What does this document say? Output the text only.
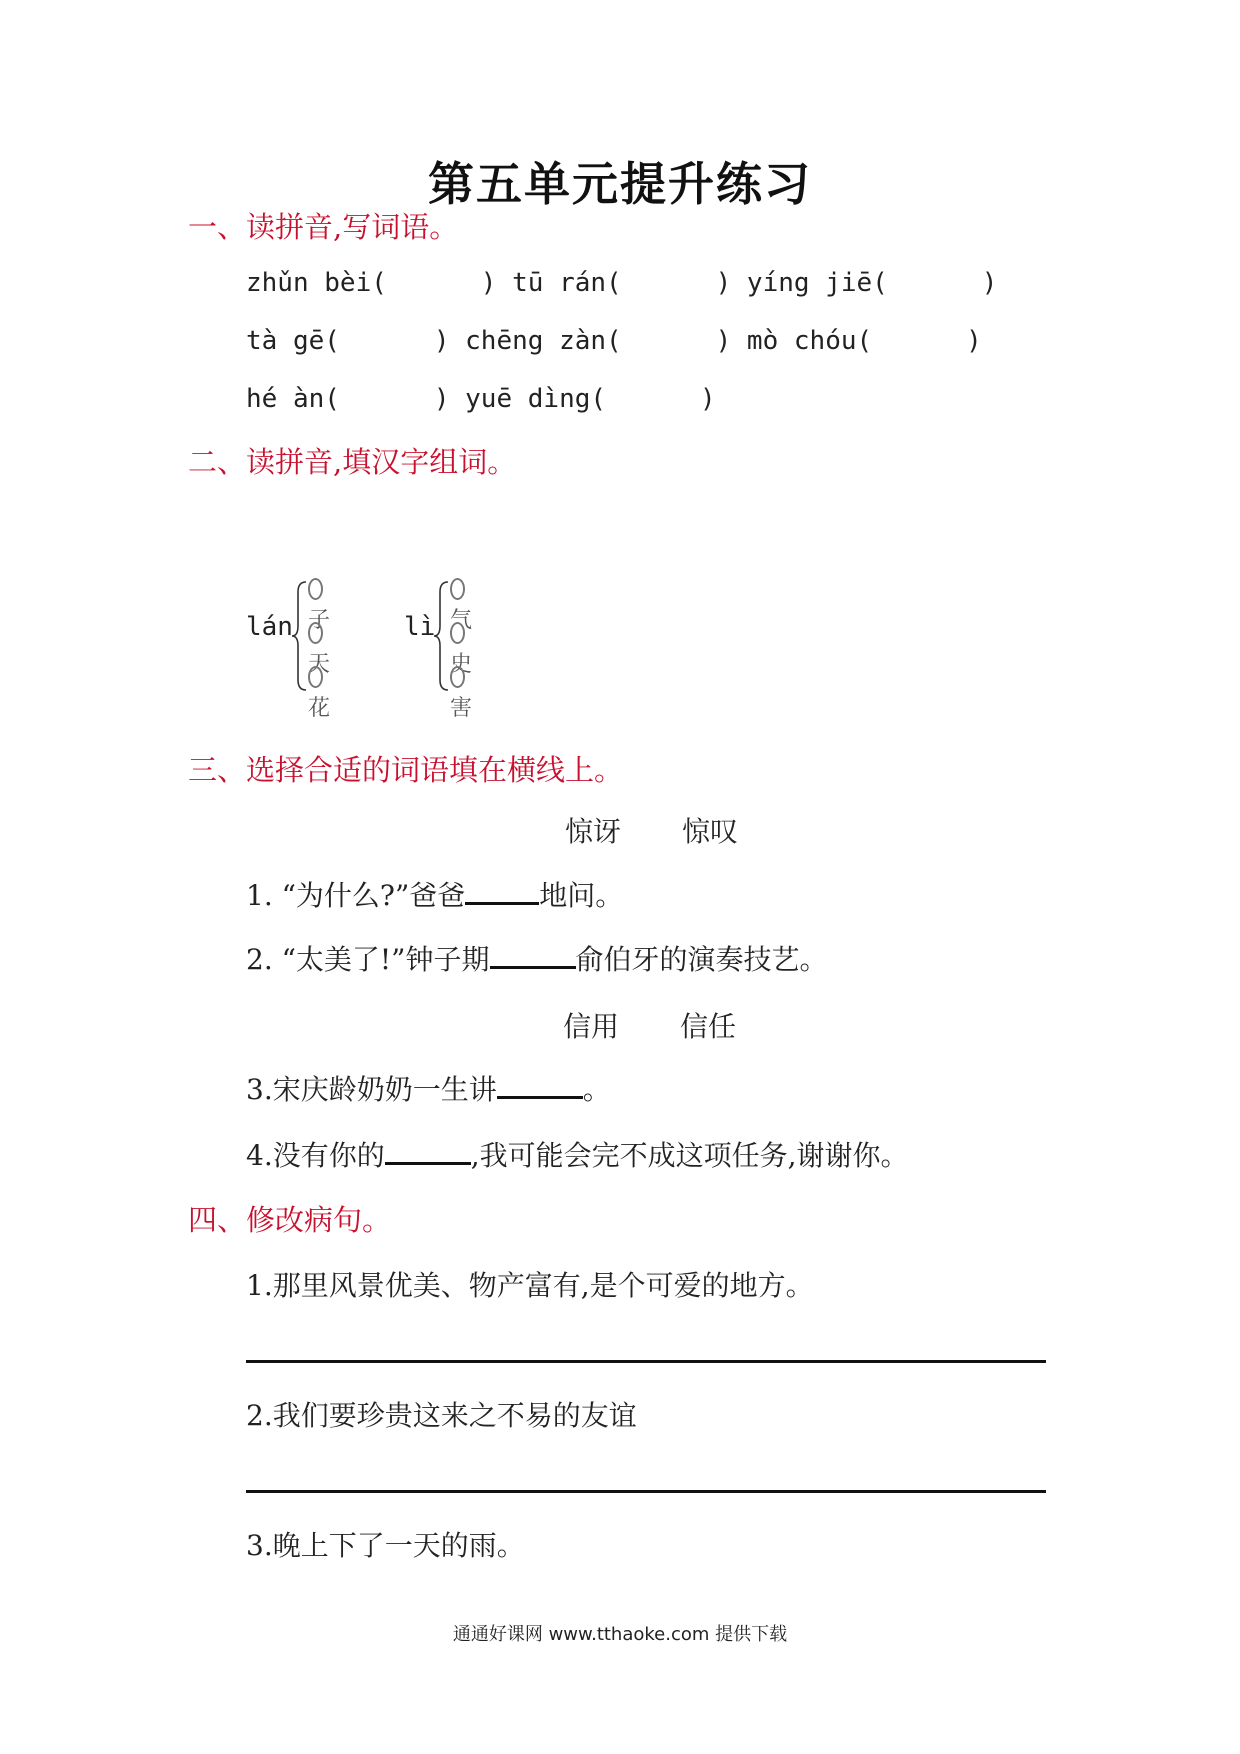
第五单元提升练习
一、读拼音,写词语。
zhǔn bèi(      ) tū rán(      ) yíng jiē(      )
tà gē(      ) chēng zàn(      ) mò chóu(      )
hé àn(      ) yuē dìng(      )
二、读拼音,填汉字组词。
lán 子
天
花
lì 气
史
害
三、选择合适的词语填在横线上。
惊讶 惊叹
1. “为什么?”爸爸	地问。
2. “太美了!”钟子期	俞伯牙的演奏技艺。
信用 信任
3.宋庆龄奶奶一生讲	。
4.没有你的	,我可能会完不成这项任务,谢谢你。
四、修改病句。
1.那里风景优美、物产富有,是个可爱的地方。
2.我们要珍贵这来之不易的友谊
3.晚上下了一天的雨。
通通好课网 www.tthaoke.com 提供下载
